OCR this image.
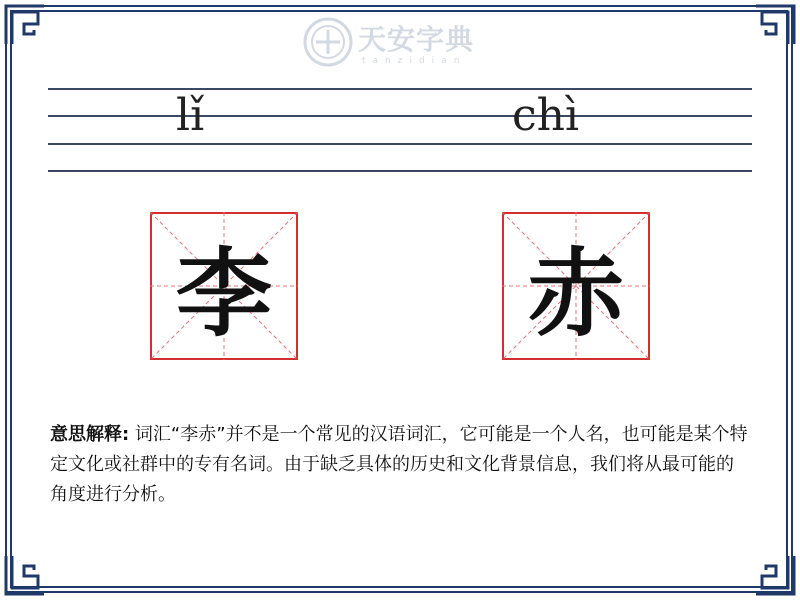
天安字典
tanzidian
lǐ	chì
李	赤
意思解释: 词汇“李赤”并不是一个常见的汉语词汇，它可能是一个人名，也可能是某个特定文化或社群中的专有名词。由于缺乏具体的历史和文化背景信息，我们将从最可能的角度进行分析。
